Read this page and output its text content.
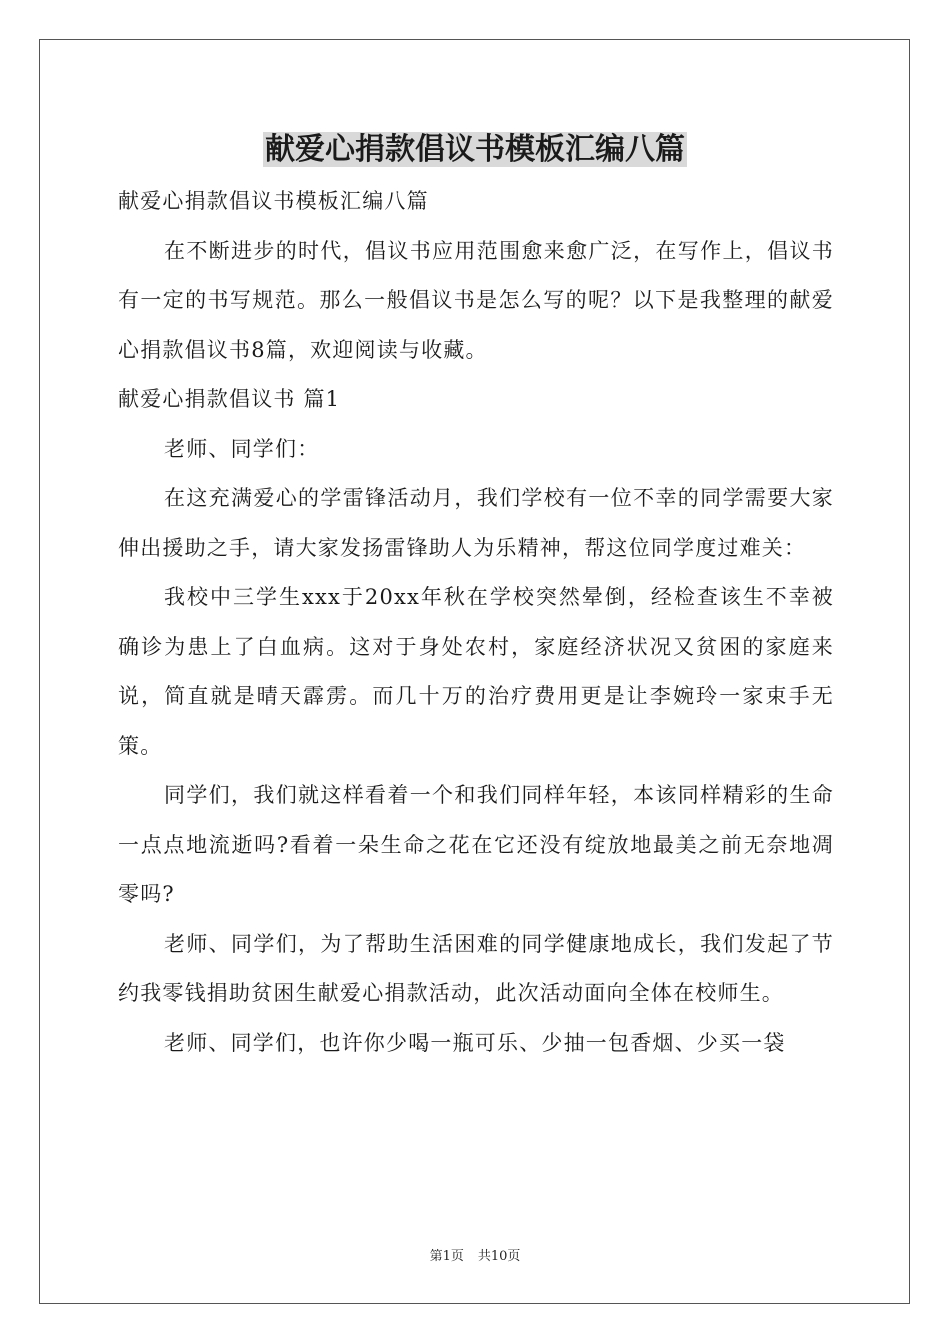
献爱心捐款倡议书模板汇编八篇

献爱心捐款倡议书模板汇编八篇

在不断进步的时代，倡议书应用范围愈来愈广泛，在写作上，倡议书有一定的书写规范。那么一般倡议书是怎么写的呢？以下是我整理的献爱心捐款倡议书8篇，欢迎阅读与收藏。

献爱心捐款倡议书 篇1

老师、同学们：

在这充满爱心的学雷锋活动月，我们学校有一位不幸的同学需要大家伸出援助之手，请大家发扬雷锋助人为乐精神，帮这位同学度过难关：

我校中三学生xxx于20xx年秋在学校突然晕倒，经检查该生不幸被确诊为患上了白血病。这对于身处农村，家庭经济状况又贫困的家庭来说，简直就是晴天霹雳。而几十万的治疗费用更是让李婉玲一家束手无策。

同学们，我们就这样看着一个和我们同样年轻，本该同样精彩的生命一点点地流逝吗?看着一朵生命之花在它还没有绽放地最美之前无奈地凋零吗?

老师、同学们，为了帮助生活困难的同学健康地成长，我们发起了节约我零钱捐助贫困生献爱心捐款活动，此次活动面向全体在校师生。

老师、同学们，也许你少喝一瓶可乐、少抽一包香烟、少买一袋

第1页 共10页
